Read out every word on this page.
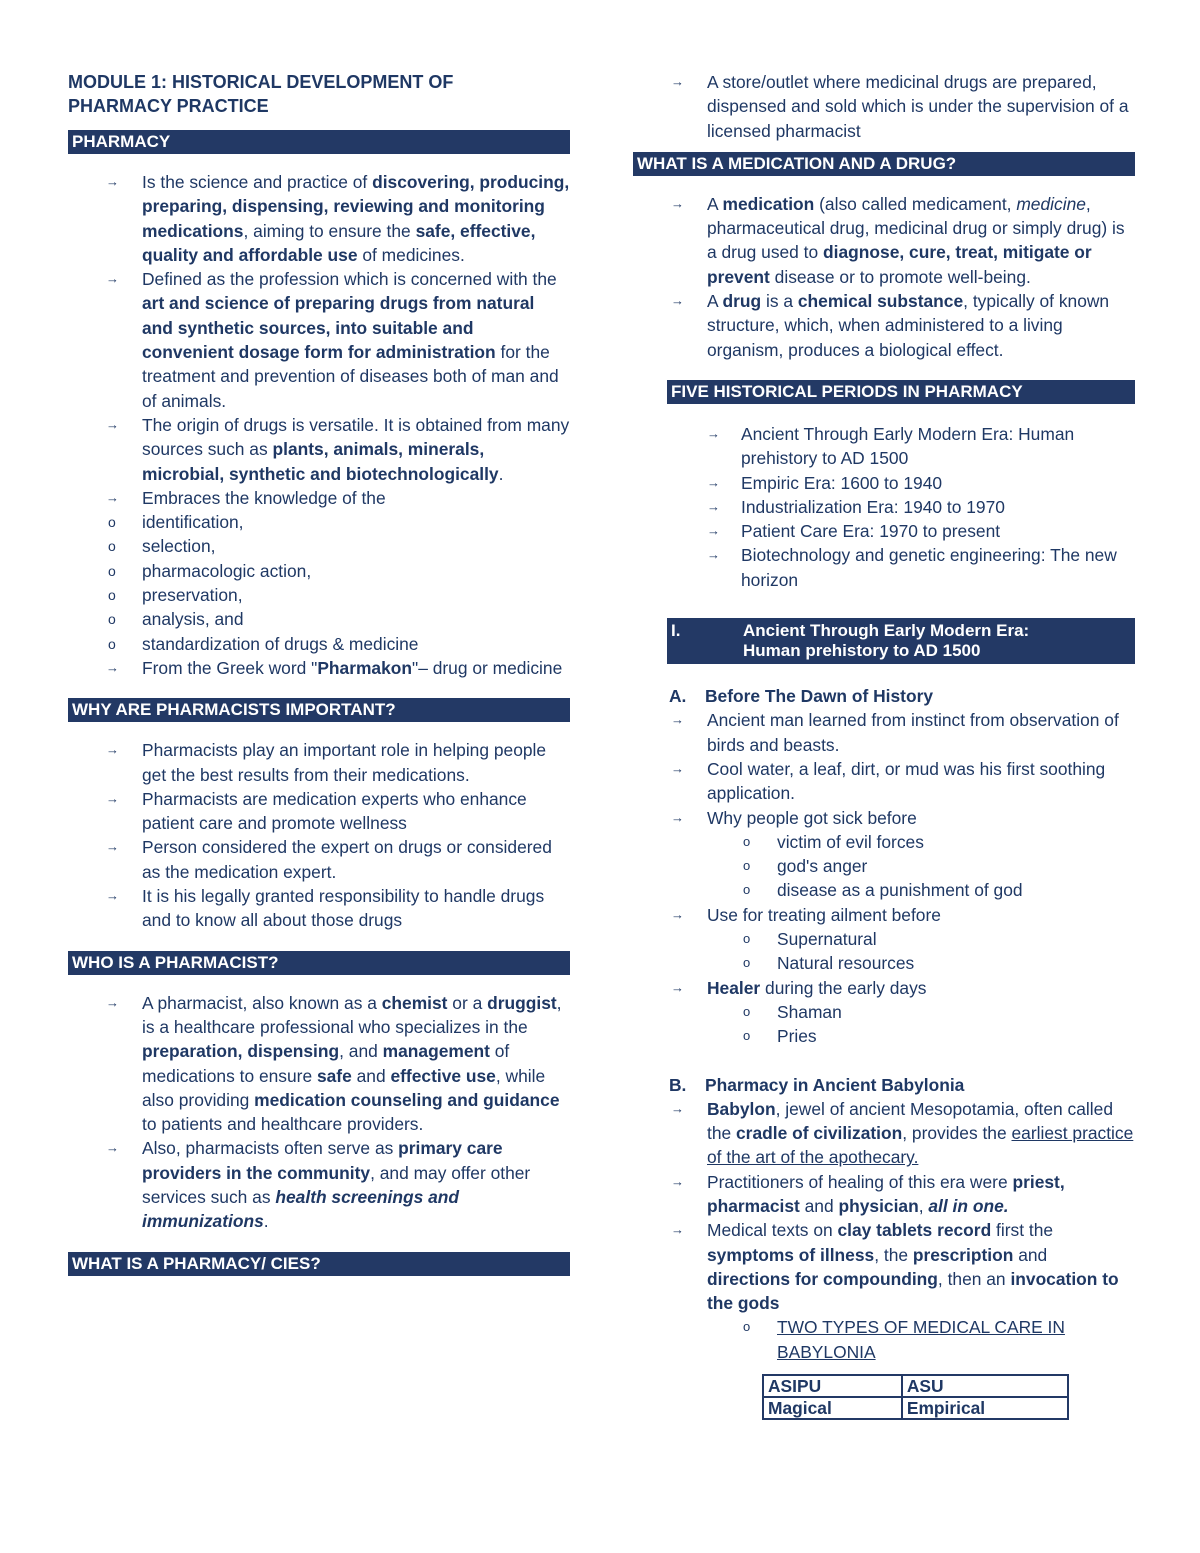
MODULE 1: HISTORICAL DEVELOPMENT OF
PHARMACY PRACTICE
PHARMACY
→ Is the science and practice of discovering, producing, preparing, dispensing, reviewing and monitoring medications, aiming to ensure the safe, effective, quality and affordable use of medicines.
→ Defined as the profession which is concerned with the art and science of preparing drugs from natural and synthetic sources, into suitable and convenient dosage form for administration for the treatment and prevention of diseases both of man and of animals.
→ The origin of drugs is versatile. It is obtained from many sources such as plants, animals, minerals, microbial, synthetic and biotechnologically.
→ Embraces the knowledge of the
o identification,
o selection,
o pharmacologic action,
o preservation,
o analysis, and
o standardization of drugs & medicine
→ From the Greek word "Pharmakon"– drug or medicine
WHY ARE PHARMACISTS IMPORTANT?
→ Pharmacists play an important role in helping people get the best results from their medications.
→ Pharmacists are medication experts who enhance patient care and promote wellness
→ Person considered the expert on drugs or considered as the medication expert.
→ It is his legally granted responsibility to handle drugs and to know all about those drugs
WHO IS A PHARMACIST?
→ A pharmacist, also known as a chemist or a druggist, is a healthcare professional who specializes in the preparation, dispensing, and management of medications to ensure safe and effective use, while also providing medication counseling and guidance to patients and healthcare providers.
→ Also, pharmacists often serve as primary care providers in the community, and may offer other services such as health screenings and immunizations.
WHAT IS A PHARMACY/ CIES?
→ A store/outlet where medicinal drugs are prepared, dispensed and sold which is under the supervision of a licensed pharmacist
WHAT IS A MEDICATION AND A DRUG?
→ A medication (also called medicament, medicine, pharmaceutical drug, medicinal drug or simply drug) is a drug used to diagnose, cure, treat, mitigate or prevent disease or to promote well-being.
→ A drug is a chemical substance, typically of known structure, which, when administered to a living organism, produces a biological effect.
FIVE HISTORICAL PERIODS IN PHARMACY
→ Ancient Through Early Modern Era: Human prehistory to AD 1500
→ Empiric Era: 1600 to 1940
→ Industrialization Era: 1940 to 1970
→ Patient Care Era: 1970 to present
→ Biotechnology and genetic engineering: The new horizon
I.	Ancient Through Early Modern Era:
Human prehistory to AD 1500
A. Before The Dawn of History
→ Ancient man learned from instinct from observation of birds and beasts.
→ Cool water, a leaf, dirt, or mud was his first soothing application.
→ Why people got sick before
o victim of evil forces
o god's anger
o disease as a punishment of god
→ Use for treating ailment before
o Supernatural
o Natural resources
→ Healer during the early days
o Shaman
o Pries
B. Pharmacy in Ancient Babylonia
→ Babylon, jewel of ancient Mesopotamia, often called the cradle of civilization, provides the earliest practice of the art of the apothecary.
→ Practitioners of healing of this era were priest, pharmacist and physician, all in one.
→ Medical texts on clay tablets record first the symptoms of illness, the prescription and directions for compounding, then an invocation to the gods
o TWO TYPES OF MEDICAL CARE IN BABYLONIA
ASIPU	ASU
Magical	Empirical
